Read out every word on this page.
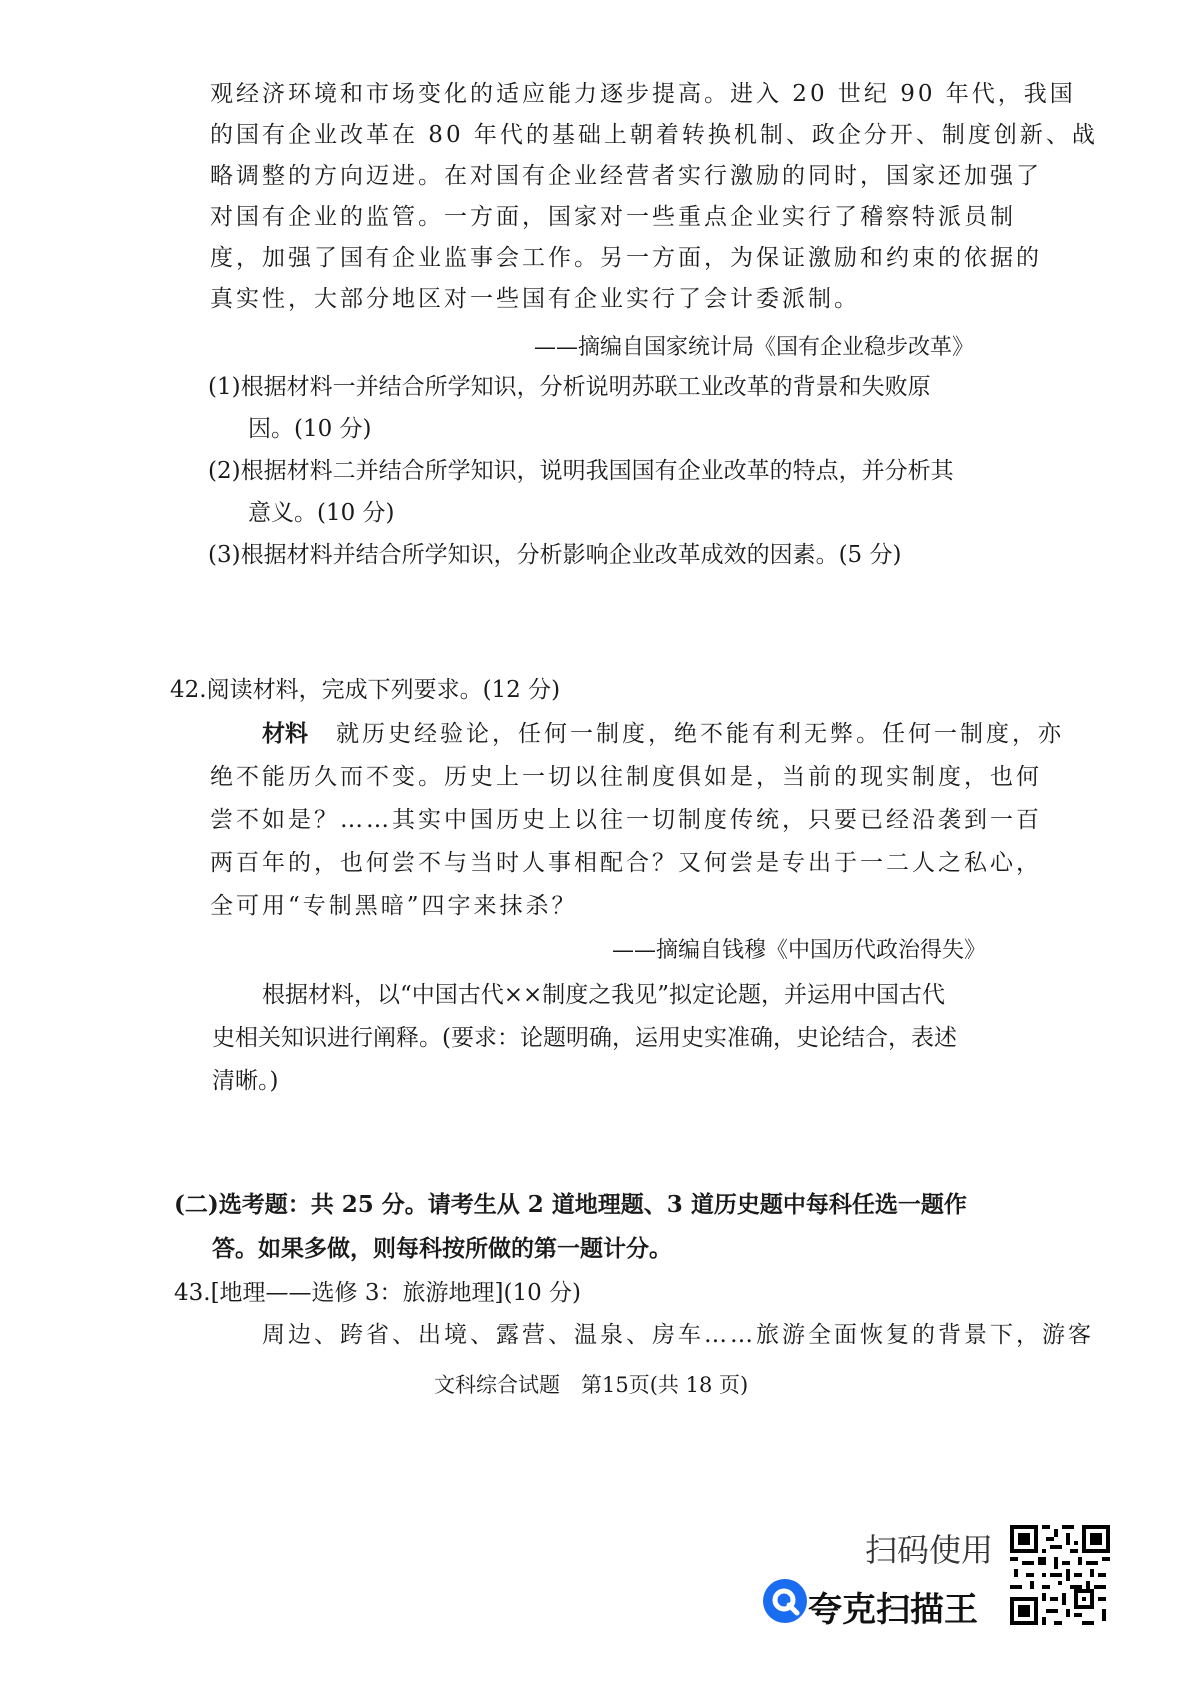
观经济环境和市场变化的适应能力逐步提高。进入 20 世纪 90 年代，我国
的国有企业改革在 80 年代的基础上朝着转换机制、政企分开、制度创新、战
略调整的方向迈进。在对国有企业经营者实行激励的同时，国家还加强了
对国有企业的监管。一方面，国家对一些重点企业实行了稽察特派员制
度，加强了国有企业监事会工作。另一方面，为保证激励和约束的依据的
真实性，大部分地区对一些国有企业实行了会计委派制。
——摘编自国家统计局《国有企业稳步改革》
(1)根据材料一并结合所学知识，分析说明苏联工业改革的背景和失败原
因。(10 分)
(2)根据材料二并结合所学知识，说明我国国有企业改革的特点，并分析其
意义。(10 分)
(3)根据材料并结合所学知识，分析影响企业改革成效的因素。(5 分)
42.阅读材料，完成下列要求。(12 分)
材料 就历史经验论，任何一制度，绝不能有利无弊。任何一制度，亦
绝不能历久而不变。历史上一切以往制度俱如是，当前的现实制度，也何
尝不如是？……其实中国历史上以往一切制度传统，只要已经沿袭到一百
两百年的，也何尝不与当时人事相配合？又何尝是专出于一二人之私心，
全可用“专制黑暗”四字来抹杀？
——摘编自钱穆《中国历代政治得失》
根据材料，以“中国古代××制度之我见”拟定论题，并运用中国古代
史相关知识进行阐释。(要求：论题明确，运用史实准确，史论结合，表述
清晰。)
(二)选考题：共 25 分。请考生从 2 道地理题、3 道历史题中每科任选一题作
答。如果多做，则每科按所做的第一题计分。
43.[地理——选修 3：旅游地理](10 分)
周边、跨省、出境、露营、温泉、房车……旅游全面恢复的背景下，游客
文科综合试题　第15页(共 18 页)
扫码使用
夸克扫描王
